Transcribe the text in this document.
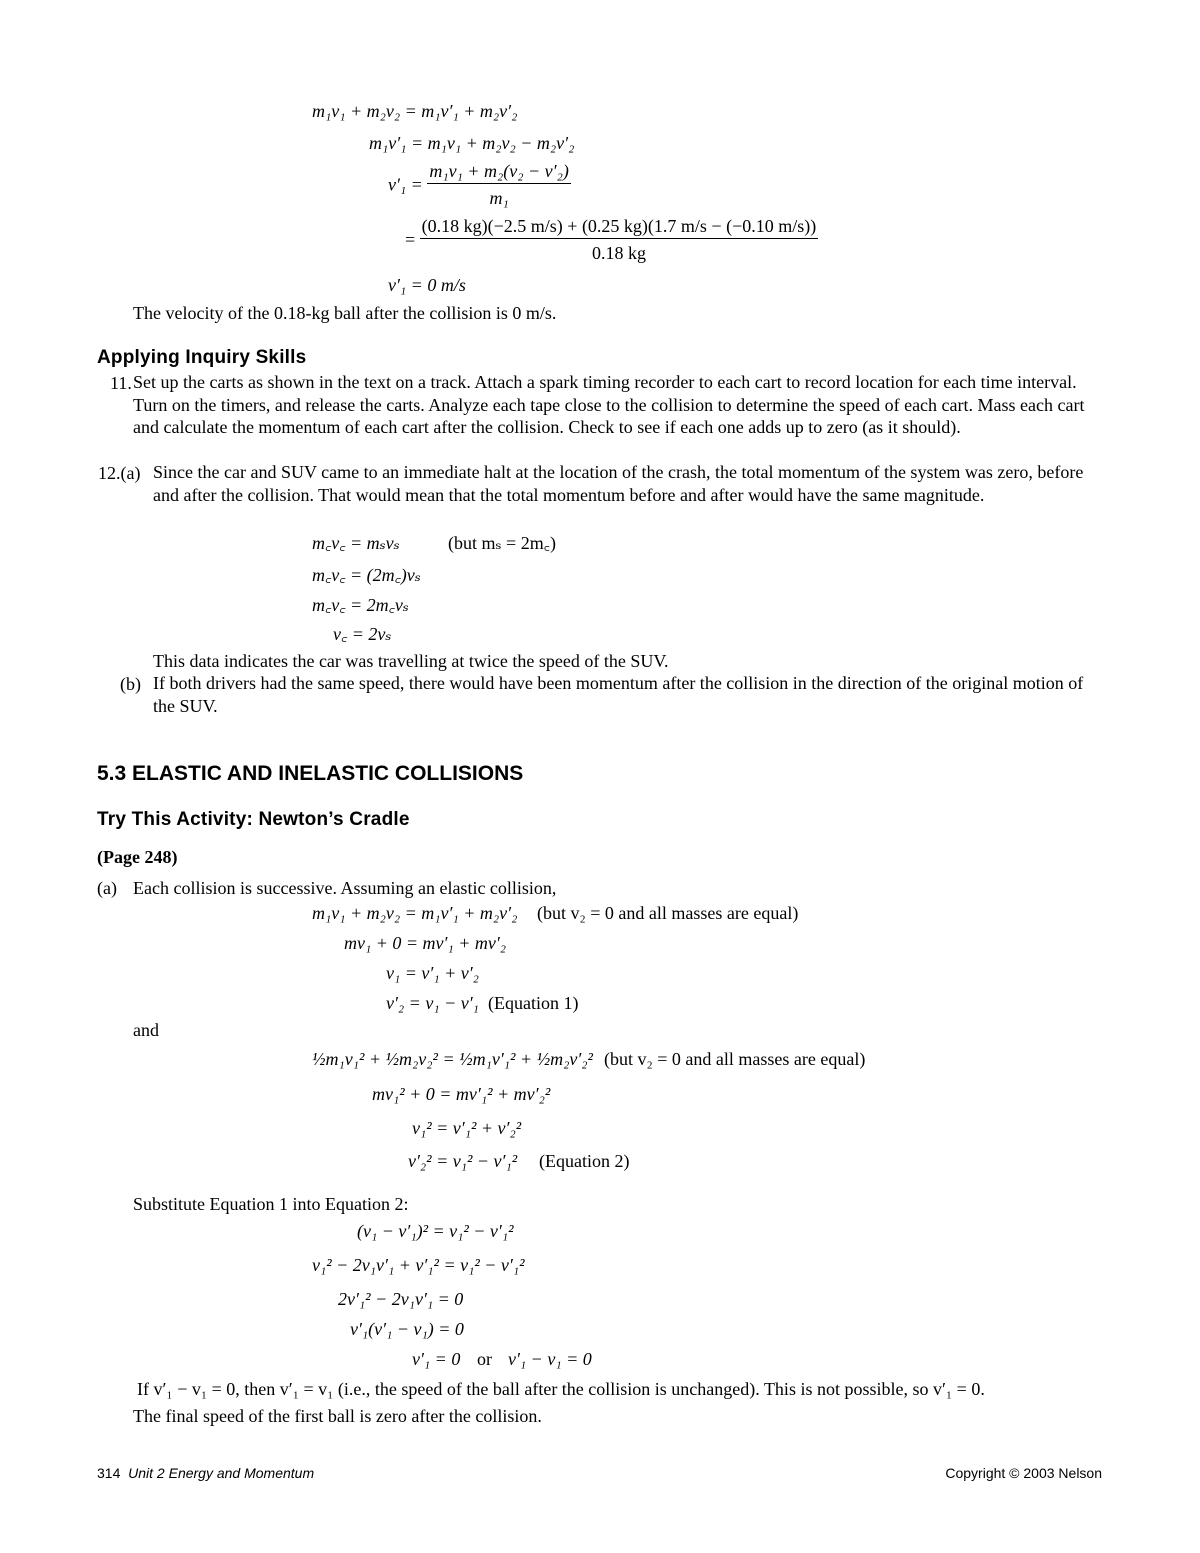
m₁v₁ + m₂v₂ = m₁v′₁ + m₂v′₂
m₁v′₁ = m₁v₁ + m₂v₂ − m₂v′₂
$v'_1 = \frac{\text{m₁v₁ + m₂(v₂ − v′₂)}}{\text{m₁}}$
= $\frac{(0.18 kg)(-2.5 m/s) + (0.25 kg)(1.7 m/s - (-0.10 m/s))}{0.18 kg}$
v′₁ = 0 m/s
The velocity of the 0.18-kg ball after the collision is 0 m/s.
Applying Inquiry Skills
11. Set up the carts as shown in the text on a track. Attach a spark timing recorder to each cart to record location for each time interval. Turn on the timers, and release the carts. Analyze each tape close to the collision to determine the speed of each cart. Mass each cart and calculate the momentum of each cart after the collision. Check to see if each one adds up to zero (as it should).
12.(a) Since the car and SUV came to an immediate halt at the location of the crash, the total momentum of the system was zero, before and after the collision. That would mean that the total momentum before and after would have the same magnitude.
m꜀v꜀ = mₛvₛ	(but mₛ = 2m꜀)
m꜀v꜀ = (2m꜀)vₛ
m꜀v꜀ = 2m꜀vₛ
v꜀ = 2vₛ
This data indicates the car was travelling at twice the speed of the SUV.
(b) If both drivers had the same speed, there would have been momentum after the collision in the direction of the original motion of the SUV.
5.3 ELASTIC AND INELASTIC COLLISIONS
Try This Activity: Newton’s Cradle
(Page 248)
(a) Each collision is successive. Assuming an elastic collision,
m₁v₁ + m₂v₂ = m₁v′₁ + m₂v′₂ (but v₂ = 0 and all masses are equal)
mv₁ + 0 = mv′₁ + mv′₂
v₁ = v′₁ + v′₂
v′₂ = v₁ − v′₁ (Equation 1)
and
½m₁v₁² + ½m₂v₂² = ½m₁v′₁² + ½m₂v′₂² (but v₂ = 0 and all masses are equal)
mv₁² + 0 = mv′₁² + mv′₂²
v₁² = v′₁² + v′₂²
v′₂² = v₁² − v′₁² (Equation 2)
Substitute Equation 1 into Equation 2:
(v₁ − v′₁)² = v₁² − v′₁²
v₁² − 2v₁v′₁ + v′₁² = v₁² − v′₁²
2v′₁² − 2v₁v′₁ = 0
v′₁(v′₁ − v₁) = 0
v′₁ = 0 or v′₁ − v₁ = 0
If v′₁ − v₁ = 0, then v′₁ = v₁ (i.e., the speed of the ball after the collision is unchanged). This is not possible, so v′₁ = 0.
The final speed of the first ball is zero after the collision.
314 Unit 2 Energy and Momentum	Copyright © 2003 Nelson
